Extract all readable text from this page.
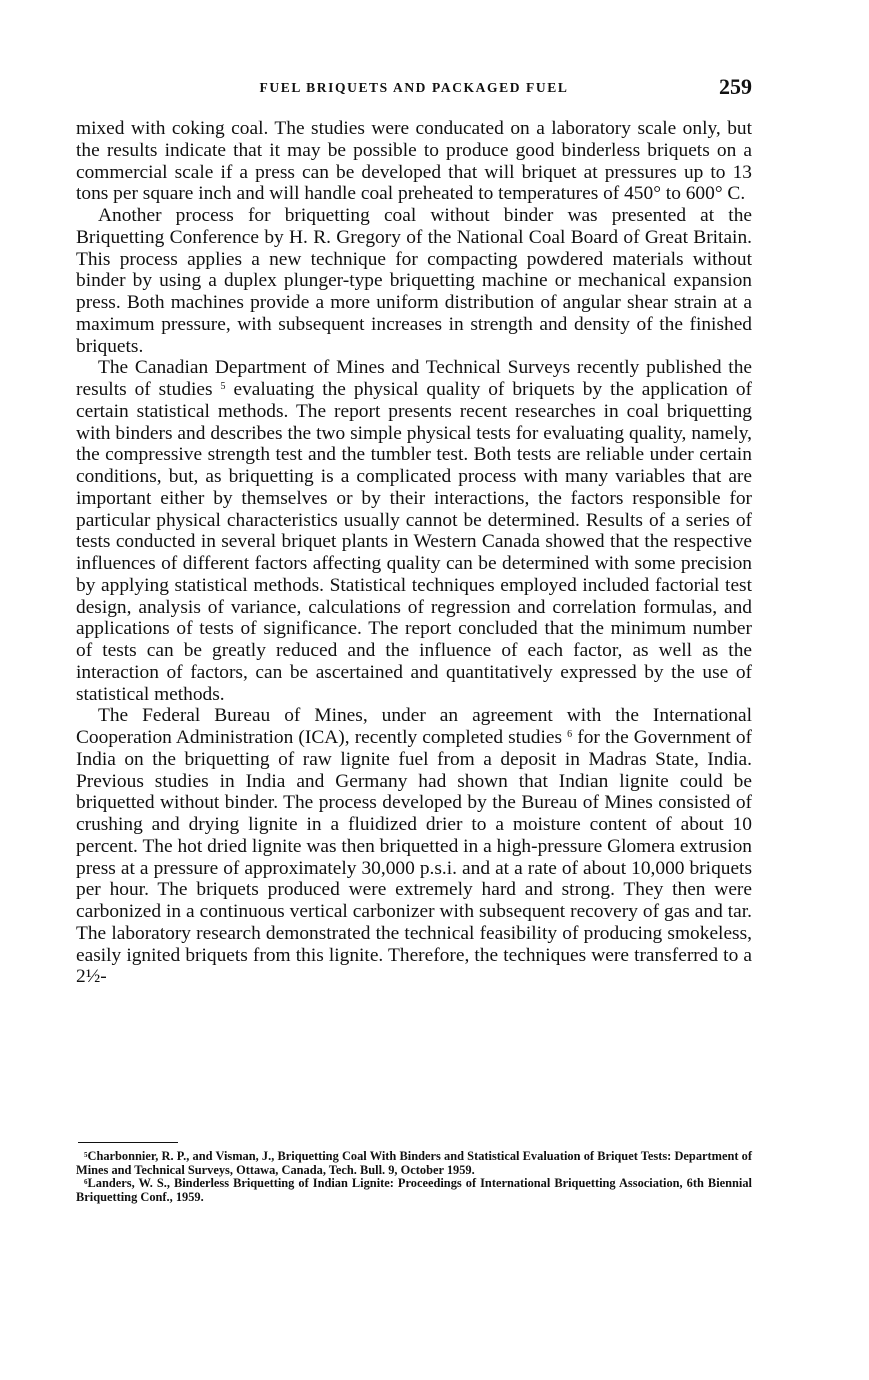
FUEL BRIQUETS AND PACKAGED FUEL	259

mixed with coking coal. The studies were conducated on a laboratory scale only, but the results indicate that it may be possible to produce good binderless briquets on a commercial scale if a press can be developed that will briquet at pressures up to 13 tons per square inch and will handle coal preheated to temperatures of 450° to 600° C.

Another process for briquetting coal without binder was presented at the Briquetting Conference by H. R. Gregory of the National Coal Board of Great Britain. This process applies a new technique for compacting powdered materials without binder by using a duplex plunger-type briquetting machine or mechanical expansion press. Both machines provide a more uniform distribution of angular shear strain at a maximum pressure, with subsequent increases in strength and density of the finished briquets.

The Canadian Department of Mines and Technical Surveys recently published the results of studies $^5$ evaluating the physical quality of briquets by the application of certain statistical methods. The report presents recent researches in coal briquetting with binders and describes the two simple physical tests for evaluating quality, namely, the compressive strength test and the tumbler test. Both tests are reliable under certain conditions, but, as briquetting is a complicated process with many variables that are important either by themselves or by their interactions, the factors responsible for particular physical characteristics usually cannot be determined. Results of a series of tests conducted in several briquet plants in Western Canada showed that the respective influences of different factors affecting quality can be determined with some precision by applying statistical methods. Statistical techniques employed included factorial test design, analysis of variance, calculations of regression and correlation formulas, and applications of tests of significance. The report concluded that the minimum number of tests can be greatly reduced and the influence of each factor, as well as the interaction of factors, can be ascertained and quantitatively expressed by the use of statistical methods.

The Federal Bureau of Mines, under an agreement with the International Cooperation Administration (ICA), recently completed studies $^6$ for the Government of India on the briquetting of raw lignite fuel from a deposit in Madras State, India. Previous studies in India and Germany had shown that Indian lignite could be briquetted without binder. The process developed by the Bureau of Mines consisted of crushing and drying lignite in a fluidized drier to a moisture content of about 10 percent. The hot dried lignite was then briquetted in a high-pressure Glomera extrusion press at a pressure of approximately 30,000 p.s.i. and at a rate of about 10,000 briquets per hour. The briquets produced were extremely hard and strong. They then were carbonized in a continuous vertical carbonizer with subsequent recovery of gas and tar. The laboratory research demonstrated the technical feasibility of producing smokeless, easily ignited briquets from this lignite. Therefore, the techniques were transferred to a 2½-

$^5$Charbonnier, R. P., and Visman, J., Briquetting Coal With Binders and Statistical Evaluation of Briquet Tests: Department of Mines and Technical Surveys, Ottawa, Canada, Tech. Bull. 9, October 1959.

$^6$Landers, W. S., Binderless Briquetting of Indian Lignite: Proceedings of International Briquetting Association, 6th Biennial Briquetting Conf., 1959.
